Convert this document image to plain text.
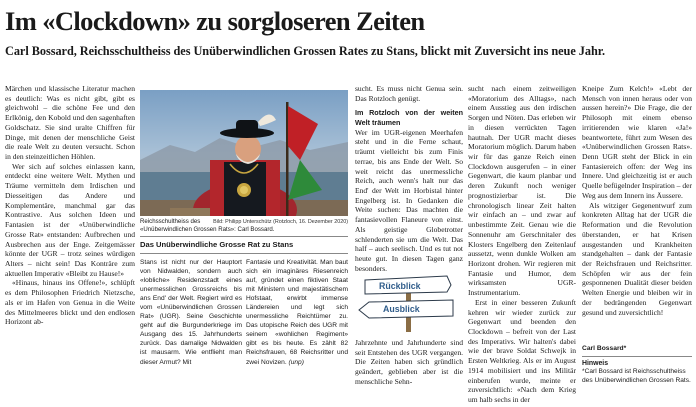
Im «Clockdown» zu sorgloseren Zeiten
Carl Bossard, Reichsschultheiss des Unüberwindlichen Grossen Rates zu Stans, blickt mit Zuversicht ins neue Jahr.

Märchen und klassische Literatur machen es deutlich: Was es nicht gibt, gibt es gleichwohl – die schöne Fee und den Erlkönig, den Kobold und den sagenhaften Goldschatz. Sie sind uralte Chiffren für Dinge, mit denen der menschliche Geist die reale Welt zu deuten versucht. Schon in den steinzeitlichen Höhlen.

Wer sich auf solches einlassen kann, entdeckt eine weitere Welt. Mythen und Träume vermitteln dem Irdischen und Diesseitigen das Andere und Komplementäre, manchmal gar das Kontrastive. Aus solchen Ideen und Fantasien ist der «Unüberwindliche Grosse Rat» entstanden: Aufbrechen und Ausbrechen aus der Enge. Zeitgemässer könnte der UGR – trotz seines würdigen Alters – nicht sein! Das Konträre zum aktuellen Imperativ «Bleibt zu Hause!»

«Hinaus, hinaus ins Offene!», schlüpft es dem Philosophen Friedrich Nietzsche, als er im Hafen von Genua in die Weite des Mittelmeeres blickt und den endlosen Horizont ab-

Bild: Philipp Unterschütz (Rotzloch, 16. Dezember 2020)
Reichsschultheiss des «Unüberwindlichen Grossen Rats»: Carl Bossard.
Das Unüberwindliche Grosse Rat zu Stans
Stans ist nicht nur der Hauptort von Nidwalden, sondern auch «lobliche» Residenzstadt eines unermesslichen Grossreichs bis ans End' der Welt. Regiert wird es vom «Unüberwindlichen Grossen Rat» (UGR). Seine Geschichte geht auf die Burgunderkriege im Ausgang des 15. Jahrhunderts zurück. Das damalige Nidwalden ist mausarm. Wie entflieht man dieser Armut? Mit
Fantasie und Kreativität. Man baut sich ein imaginäres Riesenreich auf, gründet einen fiktiven Staat mit Ministern und majestätischem Hofstaat, erwirbt immense Ländereien und legt sich unermessliche Reichtümer zu. Das utopische Reich des UGR mit seinem «wohlichen Regiment» gibt es bis heute. Es zählt 82 Reichsfrauen, 68 Reichsritter und zwei Novizen. (unp)

sucht. Es muss nicht Genua sein. Das Rotzloch genügt.

Im Rotzloch von der weiten Welt träumen

Wer im UGR-eigenen Meerhafen steht und in die Ferne schaut, träumt vielleicht bis zum Finis terrae, bis ans Ende der Welt. So weit reicht das unermessliche Reich, auch wenn's halt nur das End' der Welt im Horbistal hinter Engelberg ist. In Gedanken die Weite suchen: Das machten die fantasievollen Flaneure von einst. Als geistige Globetrotter schlenderten sie um die Welt. Das half – auch seelisch. Und es tut not heute gut. In diesen Tagen ganz besonders.

Rückblick
Ausblick
Jahrzehnte und Jahrhunderte sind seit Entstehen des UGR vergangen. Die Zeiten haben sich gründlich geändert, geblieben aber ist die menschliche Sehn-

sucht nach einem zeitweiligen «Moratorium des Alltags», nach einem Ausstieg aus den irdischen Sorgen und Nöten. Das erleben wir in diesen verrückten Tagen hautnah. Der UGR macht dieses Moratorium möglich. Darum haben wir für das ganze Reich einen Clockdown ausgerufen – in einer Gegenwart, die kaum planbar und deren Zukunft noch weniger prognostizierbar ist. Die chronologisch linear Zeit halten wir einfach an – und zwar auf unbestimmte Zeit. Genau wie die Sonnenuhr am Gerschnitaler des Klosters Engelberg den Zeitenlauf aussetzt, wenn dunkle Wolken am Horizont drohen. Wir regieren mit Fantasie und Humor, dem wirksamsten UGR-Instrumentarium.

Erst in einer besseren Zukunft kehren wir wieder zurück zur Gegenwart und beenden den Clockdown – befreit von der Last des Imperativs. Wir halten's dabei wie der brave Soldat Schwejk in Ersten Weltkrieg. Als er im August 1914 mobilisiert und ins Militär einberufen wurde, meinte er zuversichtlich: «Nach dem Krieg um halb sechs in der

Kneipe Zum Kelch!» «Lebt der Mensch von innen heraus oder von aussen herein?» Die Frage, die der Philosoph mit einem ebenso irritierenden wie klaren «Ja!» beantwortete, führt zum Wesen des «Unüberwindlichen Grossen Rats». Denn UGR steht der Blick in ein Fantasiereich offen: der Weg ins Innere. Und gleichzeitig ist er auch Quelle befügelnder Inspiration – der Weg aus dem Innern ins Äussere.

Als witziger Gegenentwurf zum konkreten Alltag hat der UGR die Reformation und die Revolution überstanden, er hat Krisen ausgestanden und Krankheiten standgehalten – dank der Fantasie der Reichsfrauen und Reichsritter. Schöpfen wir aus der fein gesponnenen Dualität dieser beiden Welten Energie und bleiben wir in der bedrängenden Gegenwart gesund und zuversichtlich!

Carl Bossard*
Hinweis
*Carl Bossard ist Reichsschultheiss des Unüberwindlichen Grossen Rats.
